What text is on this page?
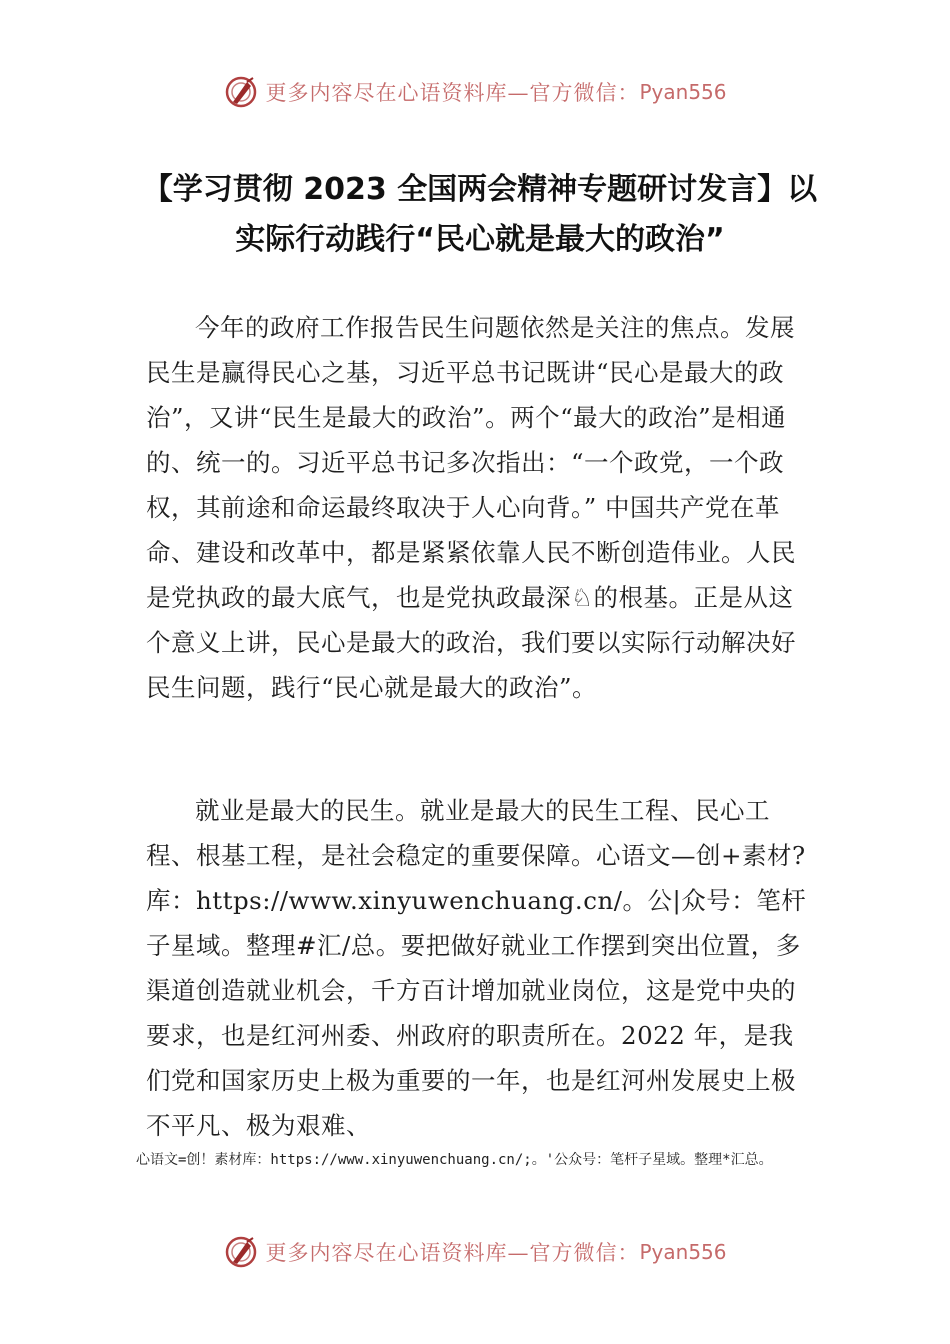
更多内容尽在心语资料库—官方微信： Pyan556
【学习贯彻 2023 全国两会精神专题研讨发言】以实际行动践行“民心就是最大的政治”

今年的政府工作报告民生问题依然是关注的焦点。发展民生是赢得民心之基，习近平总书记既讲“民心是最大的政治”，又讲“民生是最大的政治”。两个“最大的政治”是相通的、统一的。习近平总书记多次指出：“一个政党，一个政权，其前途和命运最终取决于人心向背。” 中国共产党在革命、建设和改革中，都是紧紧依靠人民不断创造伟业。人民是党执政的最大底气，也是党执政最深♘的根基。正是从这个意义上讲，民心是最大的政治，我们要以实际行动解决好民生问题，践行“民心就是最大的政治”。

就业是最大的民生。就业是最大的民生工程、民心工程、根基工程，是社会稳定的重要保障。心语文—创+素材?库：https://www.xinyuwenchuang.cn/。公|众号：笔杆子星域。整理#汇/总。要把做好就业工作摆到突出位置，多渠道创造就业机会，千方百计增加就业岗位，这是党中央的要求，也是红河州委、州政府的职责所在。2022 年，是我们党和国家历史上极为重要的一年，也是红河州发展史上极不平凡、极为艰难、

心语文=创！素材库：https://www.xinyuwenchuang.cn/;。'公众号：笔杆子星域。整理*汇总。

更多内容尽在心语资料库—官方微信： Pyan556
